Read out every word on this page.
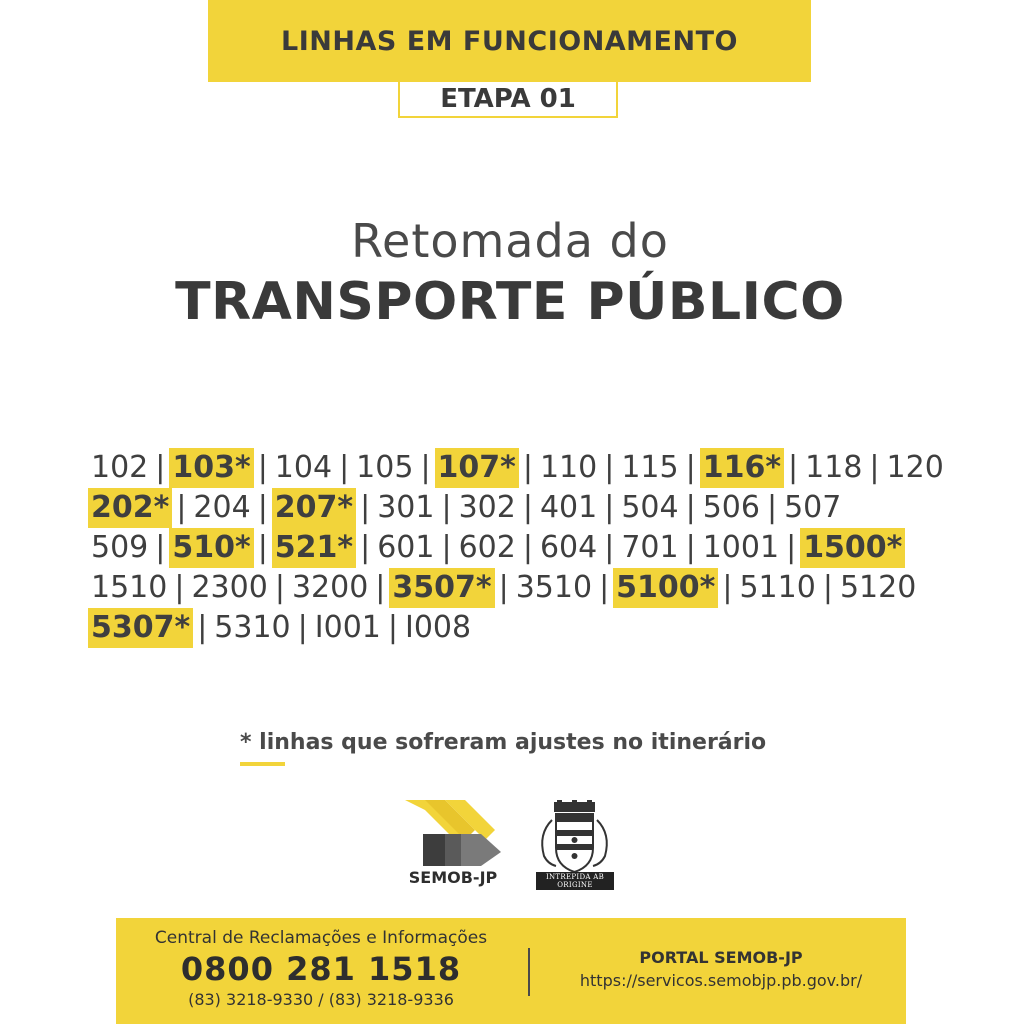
LINHAS EM FUNCIONAMENTO
ETAPA 01
Retomada do
TRANSPORTE PÚBLICO
102 | 103* | 104 | 105 | 107* | 110 | 115 | 116* | 118 | 120
202* | 204 | 207* | 301 | 302 | 401 | 504 | 506 | 507
509 | 510* | 521* | 601 | 602 | 604 | 701 | 1001 | 1500*
1510 | 2300 | 3200 | 3507* | 3510 | 5100* | 5110 | 5120
5307* | 5310 | I001 | I008
* linhas que sofreram ajustes no itinerário
SEMOB-JP	INTREPIDA AB ORIGINE
Central de Reclamações e Informações
0800 281 1518
(83) 3218-9330 / (83) 3218-9336
PORTAL SEMOB-JP
https://servicos.semobjp.pb.gov.br/
